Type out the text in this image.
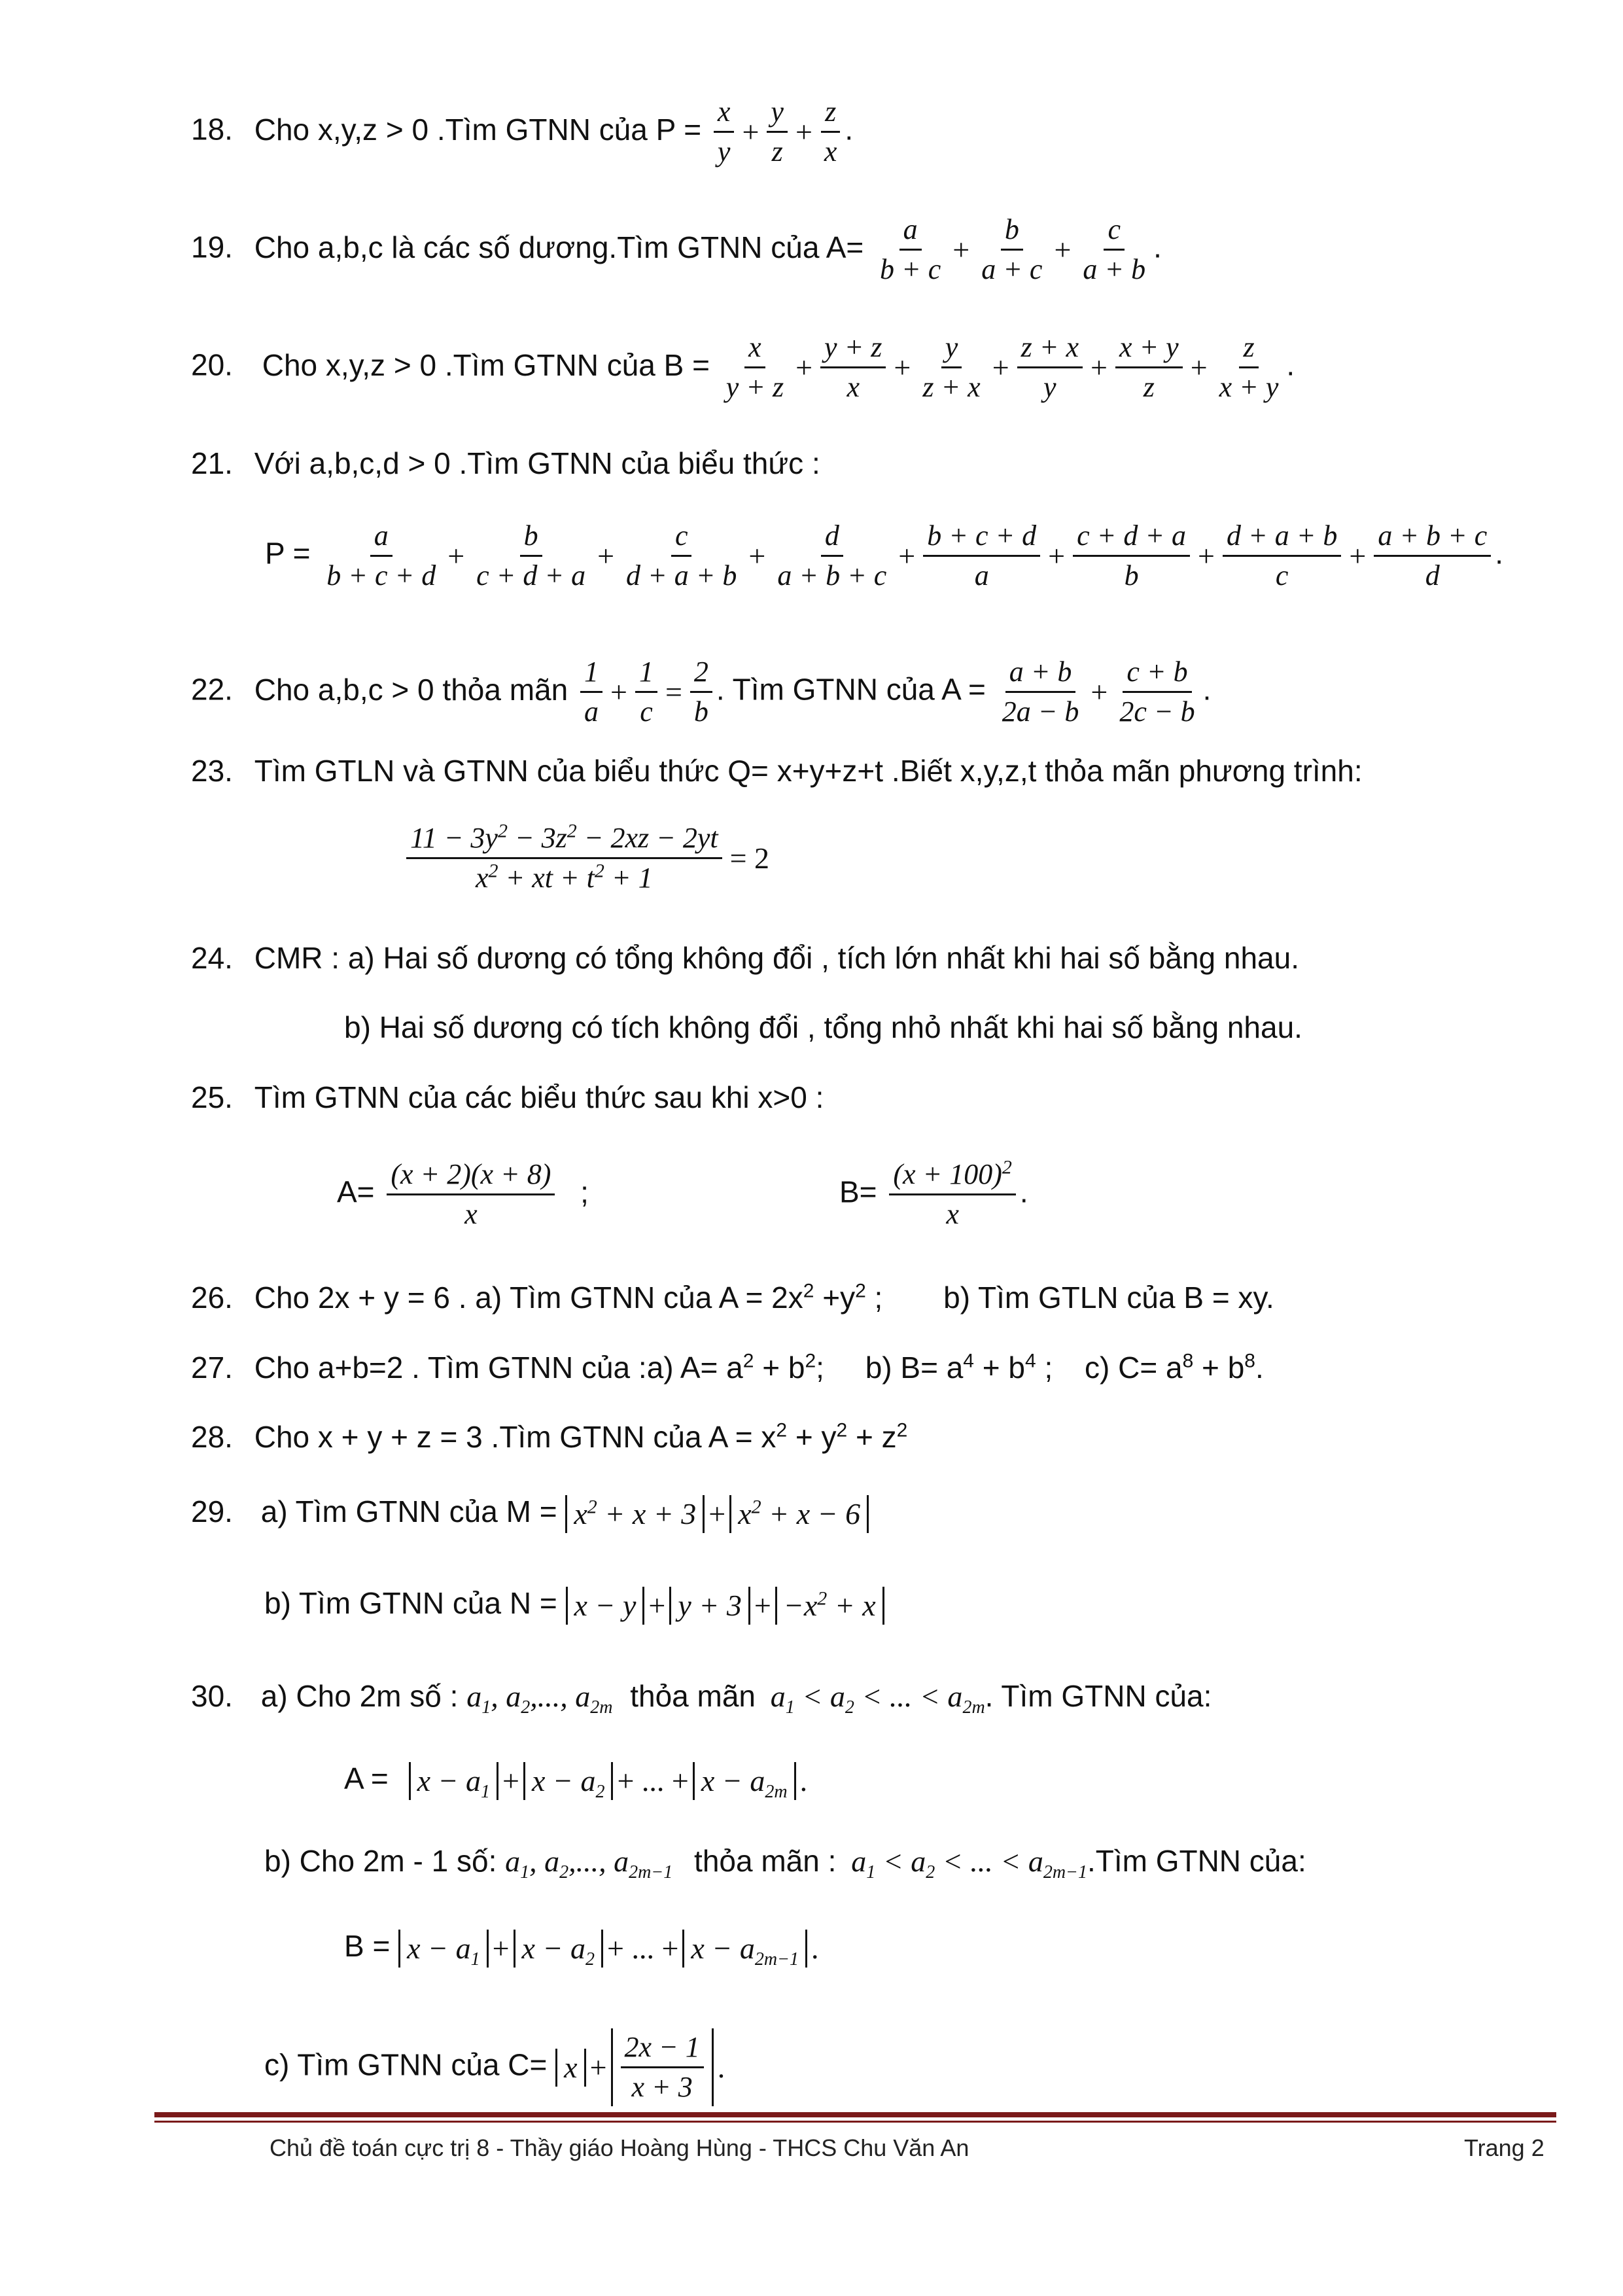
18. Cho x,y,z > 0 .Tìm GTNN của $P = \frac{x}{y} + \frac{y}{z} + \frac{z}{x}$ .
19. Cho a,b,c là các số dương.Tìm GTNN của $A= \frac{a}{b + c} + \frac{b}{a + c} + \frac{c}{a + b}$ .
20. Cho x,y,z > 0 .Tìm GTNN của $B = \frac{x}{y + z} + \frac{y + z}{x} + \frac{y}{z + x} + \frac{z + x}{y} + \frac{x + y}{z} + \frac{z}{x + y}$ .
21. Với a,b,c,d > 0 .Tìm GTNN của biểu thức :
$P = \frac{a}{b + c + d} + \frac{b}{c + d + a} + \frac{c}{d + a + b} + \frac{d}{a + b + c} + \frac{b + c + d}{a} + \frac{c + d + a}{b} + \frac{d + a + b}{c} + \frac{a + b + c}{d}$ .
22. Cho a,b,c > 0 thỏa mãn $\frac{1}{a} + \frac{1}{c} = \frac{2}{b}$ . Tìm GTNN của $A = \frac{a + b}{2a - b} + \frac{c + b}{2c - b}$ .
23. Tìm GTLN và GTNN của biểu thức Q= x+y+z+t .Biết x,y,z,t thỏa mãn phương trình:
$\frac{11 - 3y^2 - 3z^2 - 2xz - 2yt}{x^2 + xt + t^2 + 1} = 2$
24. CMR : a) Hai số dương có tổng không đổi , tích lớn nhất khi hai số bằng nhau.
b) Hai số dương có tích không đổi , tổng nhỏ nhất khi hai số bằng nhau.
25. Tìm GTNN của các biểu thức sau khi x>0 :
$A= \frac{(x + 2)(x + 8)}{x}$ ;	$B= \frac{(x + 100)^2}{x}$ .
26. Cho 2x + y = 6 . a) Tìm GTNN của $A = 2x^2 +y^2$ ; b) Tìm GTLN của B = xy.
27. Cho a+b=2 . Tìm GTNN của :a) $A= a^2 + b^2$; b) $B= a^4 + b^4$ ; c) $C= a^8 + b^8$.
28. Cho x + y + z = 3 .Tìm GTNN của $A = x^2 + y^2 + z^2$
29. a) Tìm GTNN của $M = x^2 + x + 3 + x^2 + x - 6$
b) Tìm GTNN của $N = x - y + y + 3 + -x^2 + x$
30. a) Cho 2m số : $a_1$, $a_2$,..., $a_{2m}$ thỏa mãn $a_1 < a_2$ < ... < $a_{2m}$. Tìm GTNN của:
$A = x - a_1 + x - a_2$ + ... + $x - a_{2m}$ .
b) Cho 2m - 1 số: $a_1$, $a_2$,..., $a_{2m-1}$ thỏa mãn : $a_1 < a_2$ < ... < $a_{2m-1}.Tìm$ GTNN của:
$B = x - a_1 + x - a_2$ + ... + $x - a_{2m-1}$ .
c) Tìm GTNN của $C= x + \frac{2x - 1}{x + 3}$ .
Chủ đề toán cực trị 8 - Thầy giáo Hoàng Hùng - THCS Chu Văn An	Trang 2
